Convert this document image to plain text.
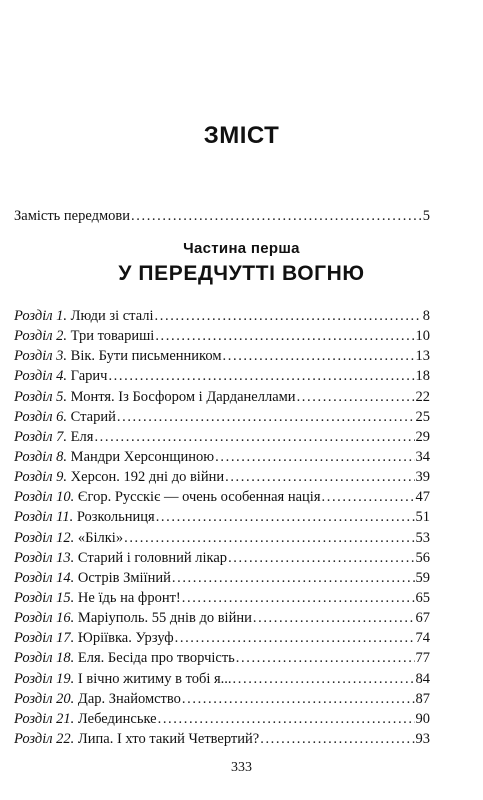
ЗМІСТ
Замість передмови .....	5
Частина перша
У ПЕРЕДЧУТТІ ВОГНЮ
Розділ 1. Люди зі сталі .....	8
Розділ 2. Три товариші .....	10
Розділ 3. Вік. Бути письменником .....	13
Розділ 4. Гарич .....	18
Розділ 5. Монтя. Із Босфором і Дарданеллами .....	22
Розділ 6. Старий .....	25
Розділ 7. Еля .....	29
Розділ 8. Мандри Херсонщиною .....	34
Розділ 9. Херсон. 192 дні до війни .....	39
Розділ 10. Єгор. Русскіє — очень особенная нація .....	47
Розділ 11. Розкольниця .....	51
Розділ 12. «Білкі» .....	53
Розділ 13. Старий і головний лікар .....	56
Розділ 14. Острів Зміїний .....	59
Розділ 15. Не їдь на фронт! .....	65
Розділ 16. Маріуполь. 55 днів до війни .....	67
Розділ 17. Юріївка. Урзуф .....	74
Розділ 18. Еля. Бесіда про творчість .....	77
Розділ 19. І вічно житиму в тобі я... .....	84
Розділ 20. Дар. Знайомство .....	87
Розділ 21. Лебединське .....	90
Розділ 22. Липа. І хто такий Четвертий? .....	93
333
